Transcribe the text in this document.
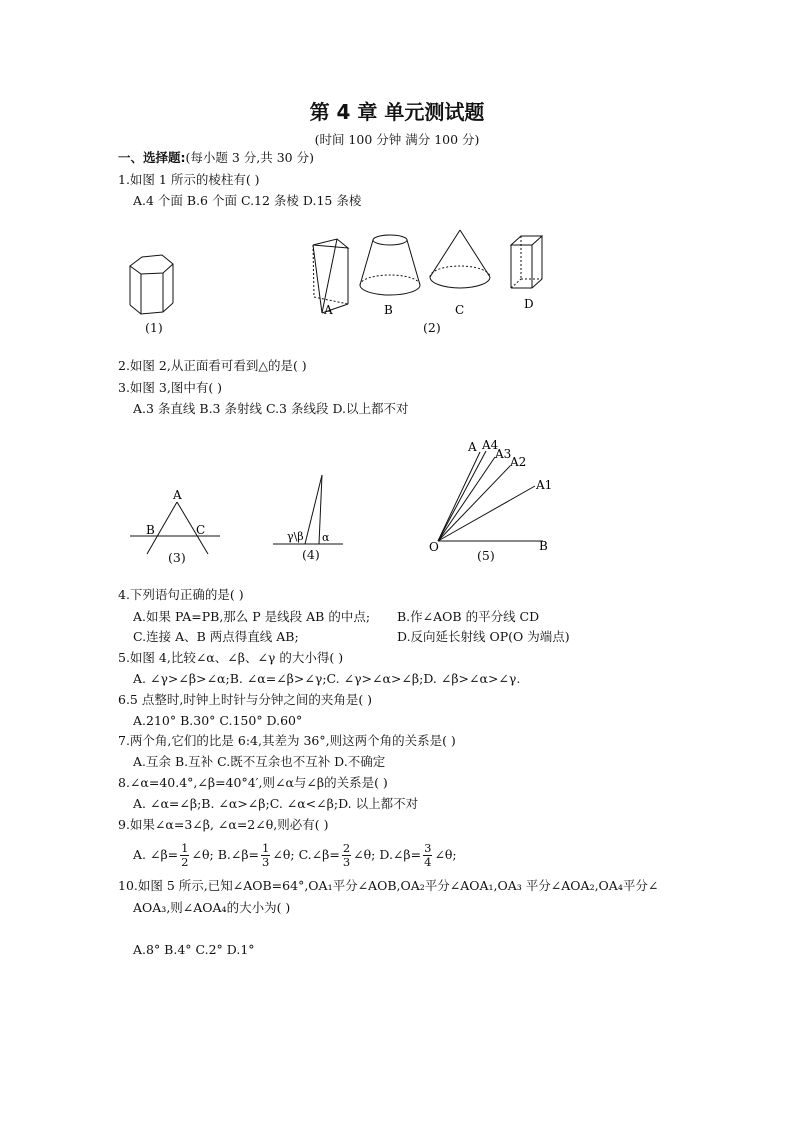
第 4 章 单元测试题
(时间 100 分钟 满分 100 分)
一、选择题:(每小题 3 分,共 30 分)
1.如图 1 所示的棱柱有( )
A.4 个面 B.6 个面 C.12 条棱 D.15 条棱
(1)
A	B	C	D
(2)
2.如图 2,从正面看可看到△的是( )
3.如图 3,图中有( )
A.3 条直线 B.3 条射线 C.3 条线段 D.以上都不对
A
B	C
(3)
γ\β α
(4)
A A4
A3
A2
A1
O	B
(5)
4.下列语句正确的是( )
A.如果 PA=PB,那么 P 是线段 AB 的中点; B.作∠AOB 的平分线 CD
C.连接 A、B 两点得直线 AB;	D.反向延长射线 OP(O 为端点)
5.如图 4,比较∠α、∠β、∠γ 的大小得( )
A. ∠γ>∠β>∠α;B. ∠α=∠β>∠γ;C. ∠γ>∠α>∠β;D. ∠β>∠α>∠γ.
6.5 点整时,时钟上时针与分钟之间的夹角是( )
A.210° B.30° C.150° D.60°
7.两个角,它们的比是 6:4,其差为 36°,则这两个角的关系是( )
A.互余 B.互补 C.既不互余也不互补 D.不确定
8.∠α=40.4°,∠β=40°4′,则∠α与∠β的关系是( )
A. ∠α=∠β;B. ∠α>∠β;C. ∠α<∠β;D. 以上都不对
9.如果∠α=3∠β, ∠α=2∠θ,则必有( )
A. ∠β= $\frac{1}{2}$ ∠θ; B.∠β= $\frac{1}{3}$ ∠θ; C.∠β= $\frac{2}{3}$ ∠θ; D.∠β= $\frac{3}{4}$ ∠θ;
10.如图 5 所示,已知∠AOB=64°,OA₁平分∠AOB,OA₂平分∠AOA₁,OA₃ 平分∠AOA₂,OA₄平分∠
AOA₃,则∠AOA₄的大小为( )
A.8° B.4° C.2° D.1°
